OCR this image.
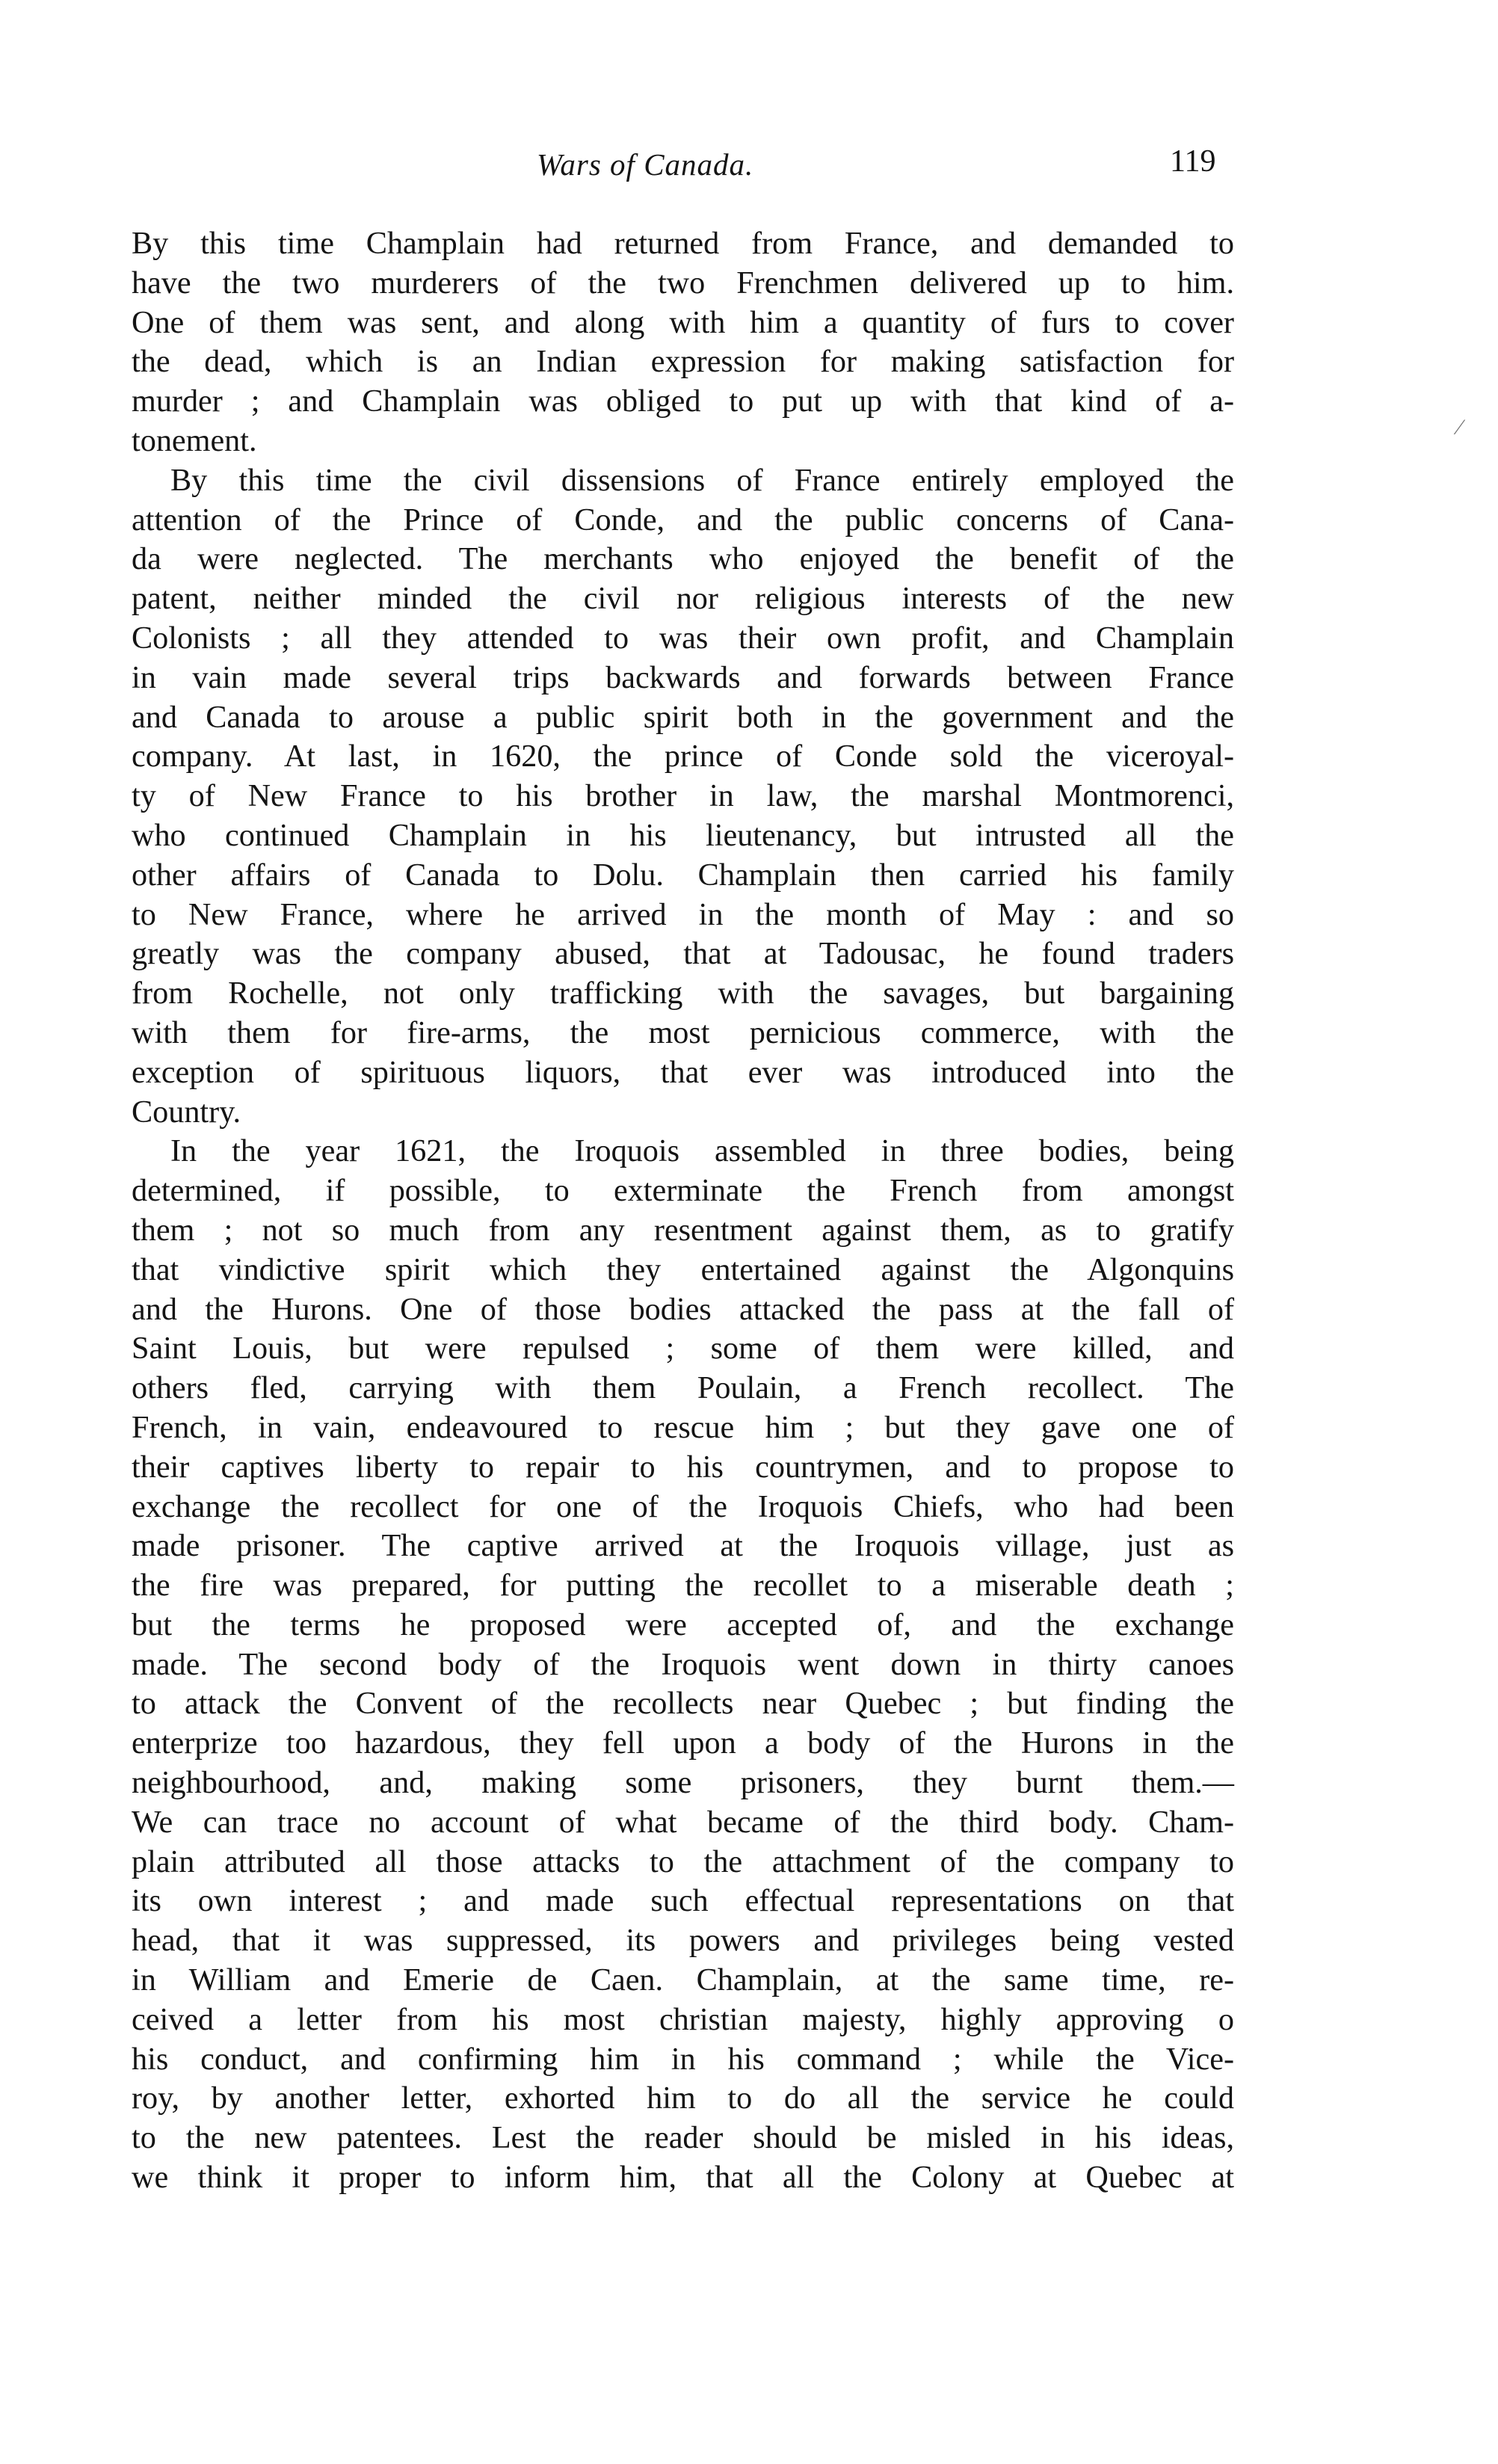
Wars of Canada.	119
⁄
By this time Champlain had returned from France, and demanded to
have the two murderers of the two Frenchmen delivered up to him.
One of them was sent, and along with him a quantity of furs to cover
the dead, which is an Indian expression for making satisfaction for
murder ; and Champlain was obliged to put up with that kind of a-
tonement.
By this time the civil dissensions of France entirely employed the
attention of the Prince of Conde, and the public concerns of Cana-
da were neglected. The merchants who enjoyed the benefit of the
patent, neither minded the civil nor religious interests of the new
Colonists ; all they attended to was their own profit, and Champlain
in vain made several trips backwards and forwards between France
and Canada to arouse a public spirit both in the government and the
company. At last, in 1620, the prince of Conde sold the viceroyal-
ty of New France to his brother in law, the marshal Montmorenci,
who continued Champlain in his lieutenancy, but intrusted all the
other affairs of Canada to Dolu. Champlain then carried his family
to New France, where he arrived in the month of May : and so
greatly was the company abused, that at Tadousac, he found traders
from Rochelle, not only trafficking with the savages, but bargaining
with them for fire-arms, the most pernicious commerce, with the
exception of spirituous liquors, that ever was introduced into the
Country.
In the year 1621, the Iroquois assembled in three bodies, being
determined, if possible, to exterminate the French from amongst
them ; not so much from any resentment against them, as to gratify
that vindictive spirit which they entertained against the Algonquins
and the Hurons. One of those bodies attacked the pass at the fall of
Saint Louis, but were repulsed ; some of them were killed, and
others fled, carrying with them Poulain, a French recollect. The
French, in vain, endeavoured to rescue him ; but they gave one of
their captives liberty to repair to his countrymen, and to propose to
exchange the recollect for one of the Iroquois Chiefs, who had been
made prisoner. The captive arrived at the Iroquois village, just as
the fire was prepared, for putting the recollet to a miserable death ;
but the terms he proposed were accepted of, and the exchange
made. The second body of the Iroquois went down in thirty canoes
to attack the Convent of the recollects near Quebec ; but finding the
enterprize too hazardous, they fell upon a body of the Hurons in the
neighbourhood, and, making some prisoners, they burnt them.—
We can trace no account of what became of the third body. Cham-
plain attributed all those attacks to the attachment of the company to
its own interest ; and made such effectual representations on that
head, that it was suppressed, its powers and privileges being vested
in William and Emerie de Caen. Champlain, at the same time, re-
ceived a letter from his most christian majesty, highly approving o
his conduct, and confirming him in his command ; while the Vice-
roy, by another letter, exhorted him to do all the service he could
to the new patentees. Lest the reader should be misled in his ideas,
we think it proper to inform him, that all the Colony at Quebec at
